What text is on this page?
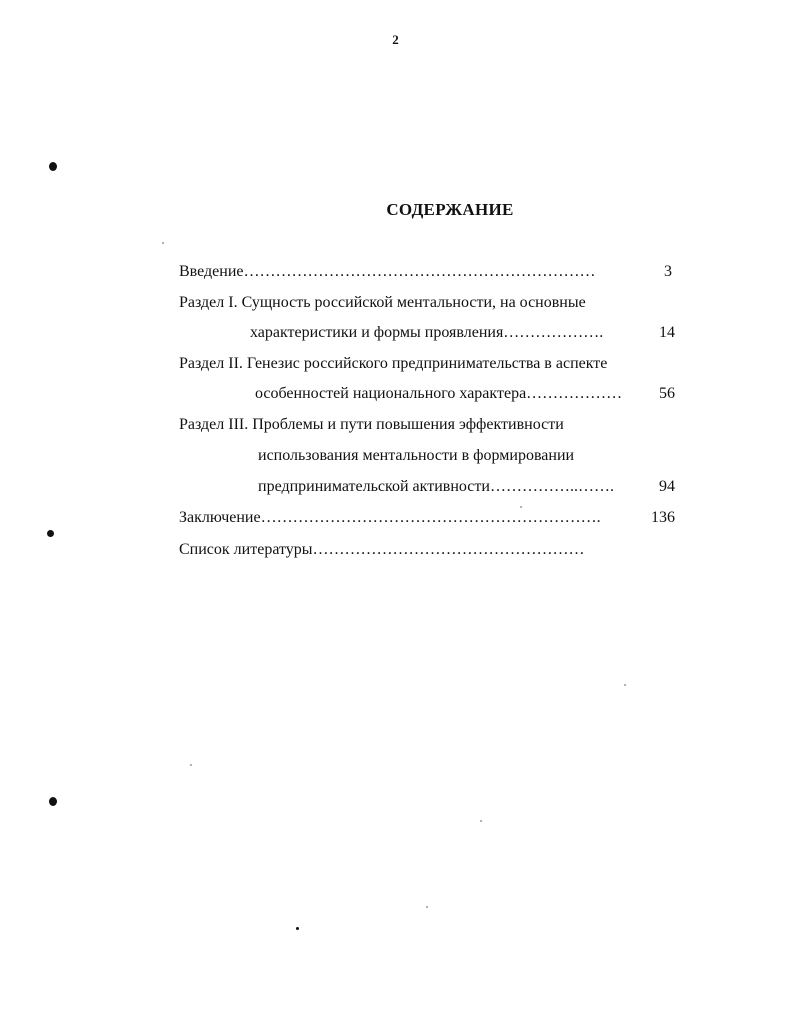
2
СОДЕРЖАНИЕ
Введение…………………………………………………………	3
Раздел I. Сущность российской ментальности, на основные
характеристики и формы проявления……………….	14
Раздел II. Генезис российского предпринимательства в аспекте
особенностей национального характера………………	56
Раздел III. Проблемы и пути повышения эффективности
использования ментальности в формировании
предпринимательской активности……………..…….	94
Заключение……………………………………………………….	136
Список литературы……………………………………………
